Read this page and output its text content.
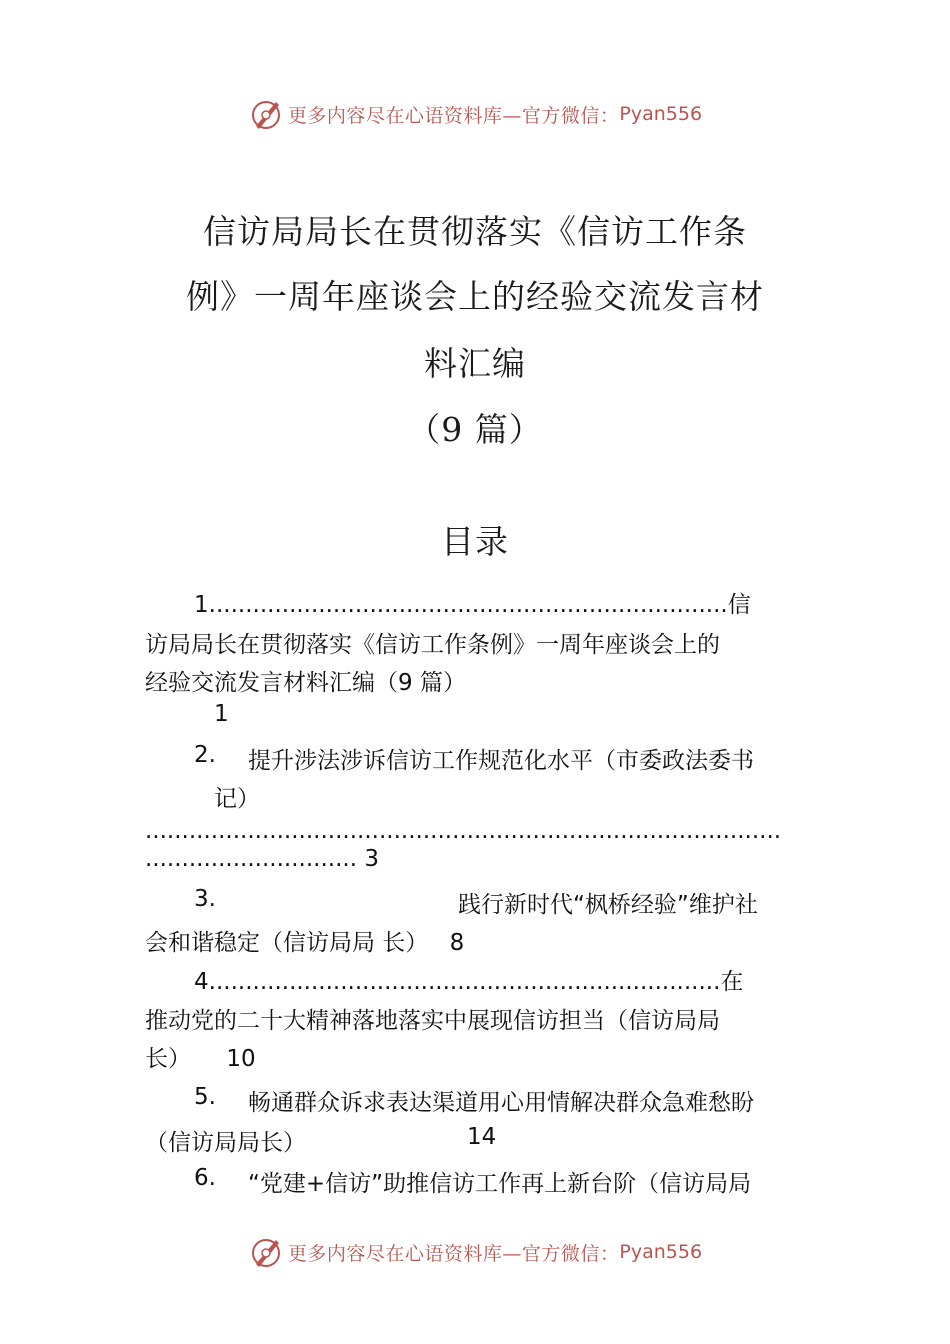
更多内容尽在心语资料库—官方微信： Pyan556
信访局局长在贯彻落实《信访工作条
例》一周年座谈会上的经验交流发言材
料汇编
（9 篇）
目录
1.......................................................................信
访局局长在贯彻落实《信访工作条例》一周年座谈会上的
经验交流发言材料汇编（9 篇）
1
2. 提升涉法涉诉信访工作规范化水平（市委政法委书
记）
.......................................................................................
............................. 3
3.	践行新时代“枫桥经验”维护社
会和谐稳定（信访局局 长） 8
4......................................................................在
推动党的二十大精神落地落实中展现信访担当（信访局局
长） 10
5. 畅通群众诉求表达渠道用心用情解决群众急难愁盼
（信访局局长）	14
6. “党建+信访”助推信访工作再上新台阶（信访局局
更多内容尽在心语资料库—官方微信： Pyan556
